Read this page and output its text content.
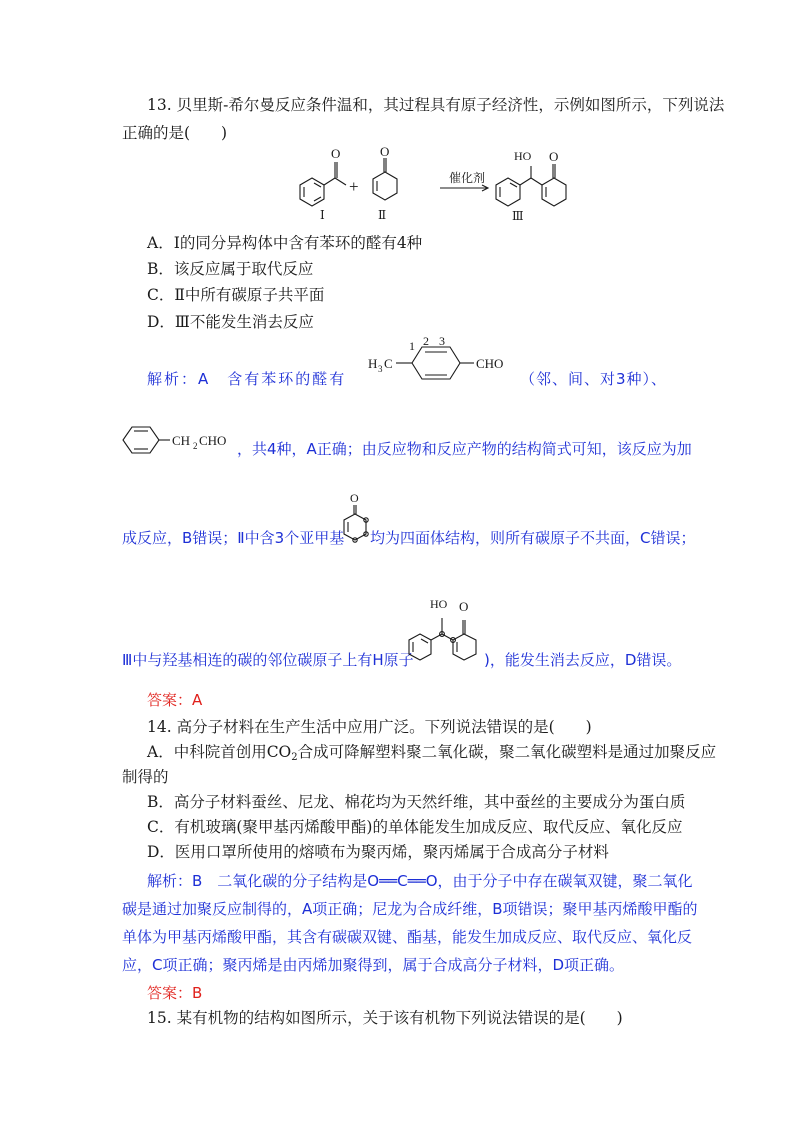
13. 贝里斯-希尔曼反应条件温和，其过程具有原子经济性，示例如图所示，下列说法
正确的是(　　)
O
+
O
催化剂
HO O
Ⅰ	Ⅱ	Ⅲ
A．Ⅰ的同分异构体中含有苯环的醛有4种
B．该反应属于取代反应
C．Ⅱ中所有碳原子共平面
D．Ⅲ不能发生消去反应
解析：A　含有苯环的醛有
H 3 C	CHO
1 2 3
（邻、间、对3种）、
CH 2 CHO ，共4种，A正确；由反应物和反应产物的结构简式可知，该反应为加
成反应，B错误；Ⅱ中含3个亚甲基
O
均为四面体结构，则所有碳原子不共面，C错误；
Ⅲ中与羟基相连的碳的邻位碳原子上有H原子
HO O
)，能发生消去反应，D错误。
答案：A
14. 高分子材料在生产生活中应用广泛。下列说法错误的是(　　)
A．中科院首创用$CO_2$合成可降解塑料聚二氧化碳，聚二氧化碳塑料是通过加聚反应
制得的
B．高分子材料蚕丝、尼龙、棉花均为天然纤维，其中蚕丝的主要成分为蛋白质
C．有机玻璃(聚甲基丙烯酸甲酯)的单体能发生加成反应、取代反应、氧化反应
D．医用口罩所使用的熔喷布为聚丙烯，聚丙烯属于合成高分子材料
解析：B　二氧化碳的分子结构是O══C══O，由于分子中存在碳氧双键，聚二氧化
碳是通过加聚反应制得的，A项正确；尼龙为合成纤维，B项错误；聚甲基丙烯酸甲酯的
单体为甲基丙烯酸甲酯，其含有碳碳双键、酯基，能发生加成反应、取代反应、氧化反
应，C项正确；聚丙烯是由丙烯加聚得到，属于合成高分子材料，D项正确。
答案：B
15. 某有机物的结构如图所示，关于该有机物下列说法错误的是(　　)
